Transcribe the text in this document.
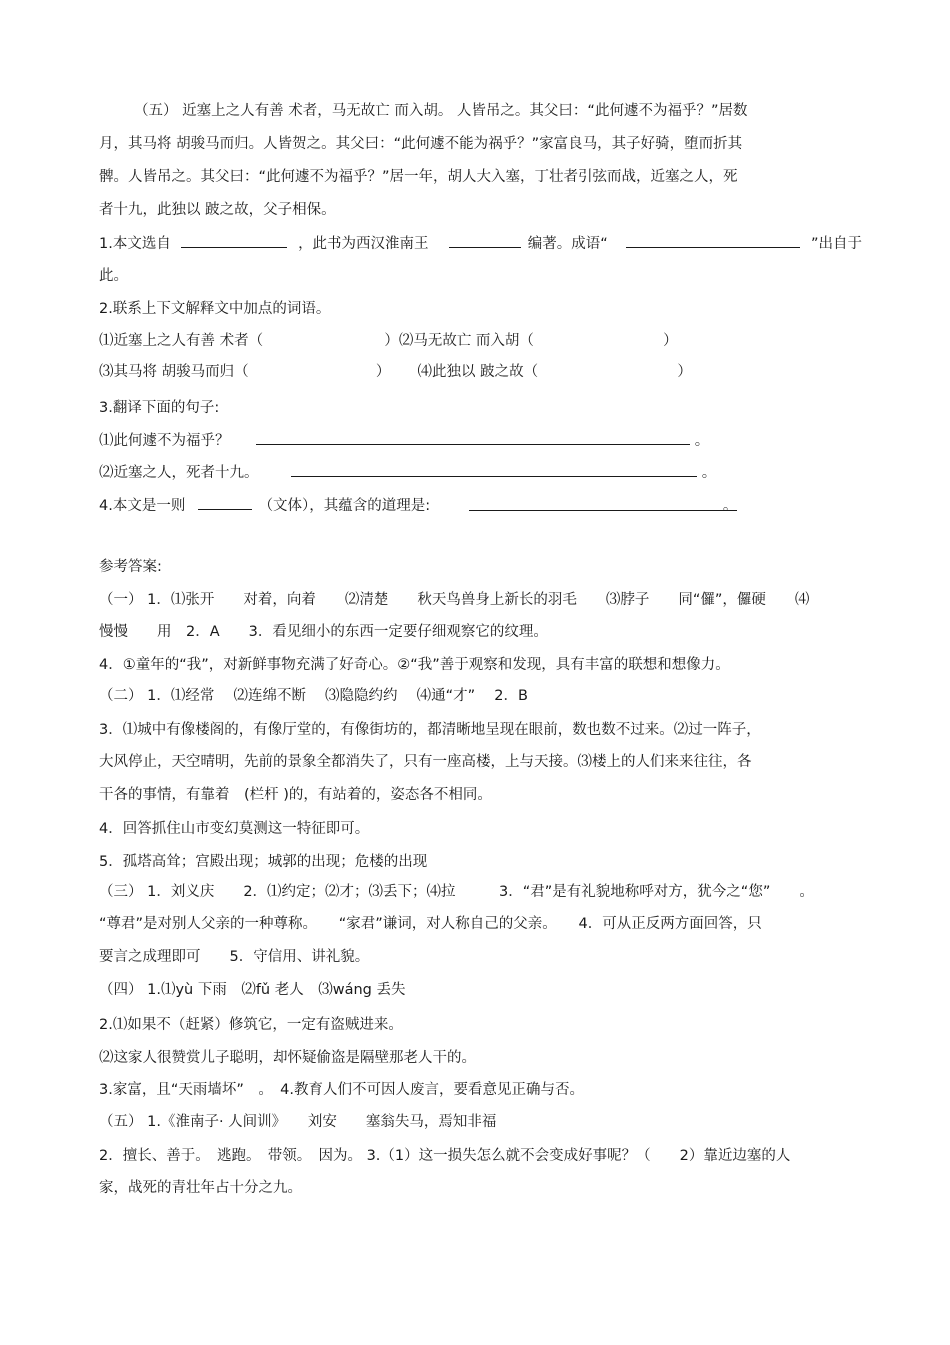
（五） 近塞上之人有善 术者，马无故亡 而入胡。 人皆吊之。其父曰：“此何遽不为福乎？”居数
月，其马将 胡骏马而归。人皆贺之。其父曰：“此何遽不能为祸乎？”家富良马，其子好骑，堕而折其
髀。人皆吊之。其父曰：“此何遽不为福乎？”居一年，胡人大入塞，丁壮者引弦而战，近塞之人，死
者十九，此独以 跛之故，父子相保。
1.本文选自	，此书为西汉淮南王	编著。成语“	”出自于
此。
2.联系上下文解释文中加点的词语。
⑴近塞上之人有善 术者（	）⑵马无故亡 而入胡（	）
⑶其马将 胡骏马而归（	） ⑷此独以 跛之故（	）
3.翻译下面的句子:
⑴此何遽不为福乎？	。
⑵近塞之人，死者十九。	。
4.本文是一则	（文体），其蕴含的道理是:	。
参考答案:
（一） 1．⑴张开　　对着，向着　　⑵清楚　　秋天鸟兽身上新长的羽毛　　⑶脖子　　同“儸”，儸硬　　⑷
慢慢　　用　2．A　　3．看见细小的东西一定要仔细观察它的纹理。
4．①童年的“我”，对新鲜事物充满了好奇心。②“我”善于观察和发现，具有丰富的联想和想像力。
（二） 1．⑴经常　 ⑵连绵不断　 ⑶隐隐约约　 ⑷通“才”　 2．B
3．⑴城中有像楼阁的，有像厅堂的，有像街坊的，都清晰地呈现在眼前，数也数不过来。⑵过一阵子，
大风停止，天空晴明，先前的景象全都消失了，只有一座高楼，上与天接。⑶楼上的人们来来往往，各
干各的事情，有靠着　(栏杆 )的，有站着的，姿态各不相同。
4．回答抓住山市变幻莫测这一特征即可。
5．孤塔高耸；宫殿出现；城郭的出现；危楼的出现
（三） 1．刘义庆　　2．⑴约定；⑵才；⑶丢下；⑷拉　　　3．“君”是有礼貌地称呼对方，犹今之“您”　　。
“尊君”是对别人父亲的一种尊称。　　“家君”谦词，对人称自己的父亲。　　4．可从正反两方面回答，只
要言之成理即可　　5．守信用、讲礼貌。
（四） 1.⑴yù 下雨　⑵fǔ 老人　⑶wáng 丢失
2.⑴如果不（赶紧）修筑它，一定有盗贼进来。
⑵这家人很赞赏儿子聪明，却怀疑偷盗是隔壁那老人干的。
3.家富，且“天雨墙坏”　。　4.教育人们不可因人废言，要看意见正确与否。
（五） 1.《淮南子· 人间训》　　刘安　　塞翁失马，焉知非福
2．擅长、善于。　逃跑。　带领。　因为。 3.（1）这一损失怎么就不会变成好事呢？（　　2）靠近边塞的人
家，战死的青壮年占十分之九。
